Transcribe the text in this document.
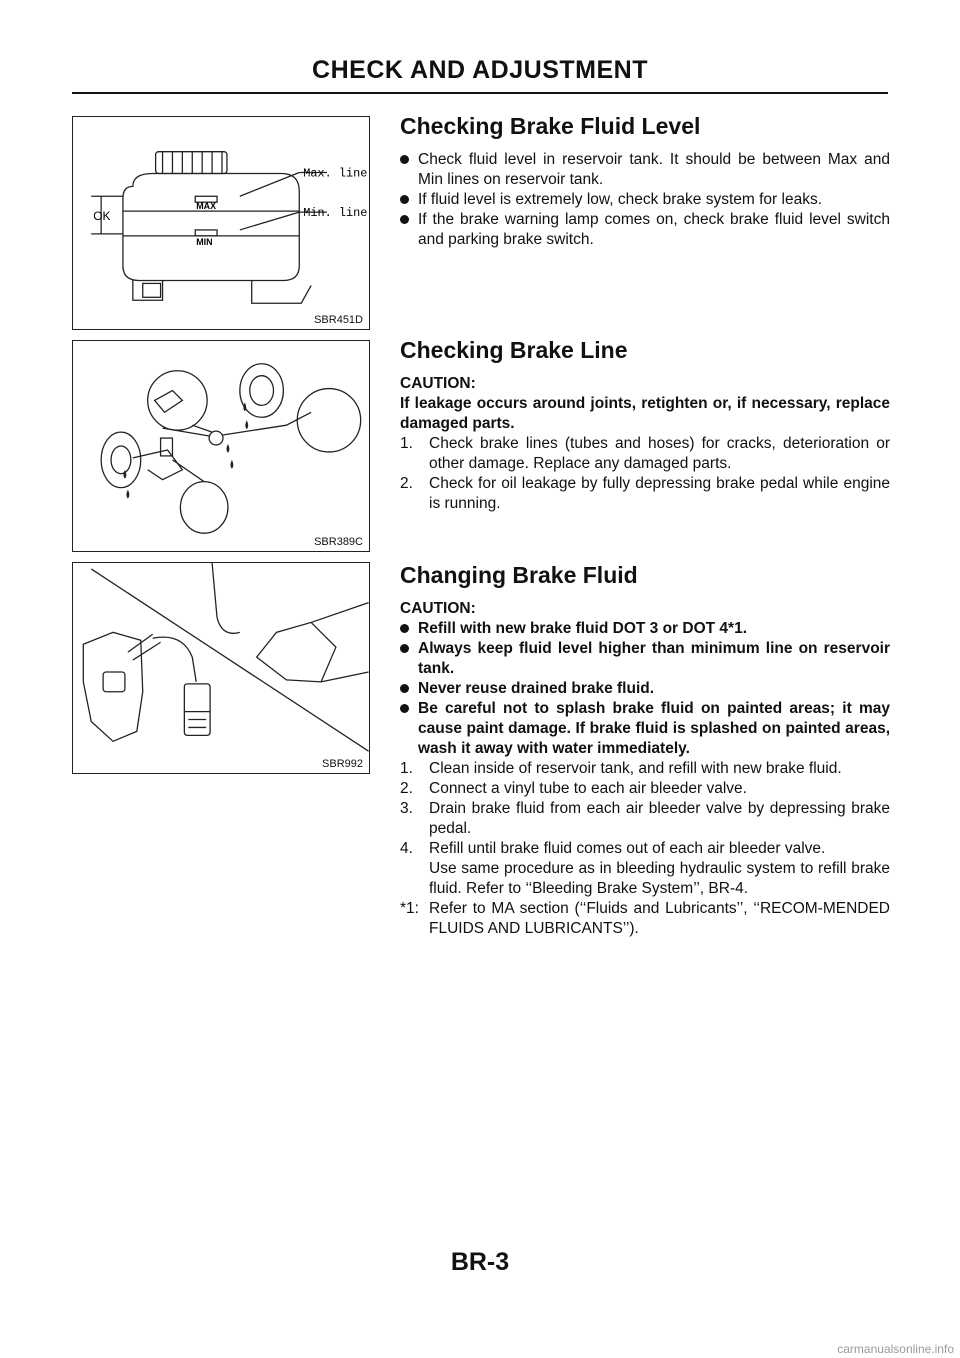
CHECK AND ADJUSTMENT
OK
MAX
MIN
Max. line
Min. line
SBR451D
SBR389C
SBR992
Checking Brake Fluid Level
Check fluid level in reservoir tank. It should be between Max and Min lines on reservoir tank.
If fluid level is extremely low, check brake system for leaks.
If the brake warning lamp comes on, check brake fluid level switch and parking brake switch.
Checking Brake Line
CAUTION:
If leakage occurs around joints, retighten or, if necessary, replace damaged parts.
1. Check brake lines (tubes and hoses) for cracks, deterioration or other damage. Replace any damaged parts.
2. Check for oil leakage by fully depressing brake pedal while engine is running.
Changing Brake Fluid
CAUTION:
Refill with new brake fluid DOT 3 or DOT 4*1.
Always keep fluid level higher than minimum line on reservoir tank.
Never reuse drained brake fluid.
Be careful not to splash brake fluid on painted areas; it may cause paint damage. If brake fluid is splashed on painted areas, wash it away with water immediately.
1. Clean inside of reservoir tank, and refill with new brake fluid.
2. Connect a vinyl tube to each air bleeder valve.
3. Drain brake fluid from each air bleeder valve by depressing brake pedal.
4. Refill until brake fluid comes out of each air bleeder valve.
Use same procedure as in bleeding hydraulic system to refill brake fluid. Refer to ‘‘Bleeding Brake System’’, BR-4.
*1: Refer to MA section (‘‘Fluids and Lubricants’’, ‘‘RECOM-MENDED FLUIDS AND LUBRICANTS’’).
BR-3
carmanualsonline.info
